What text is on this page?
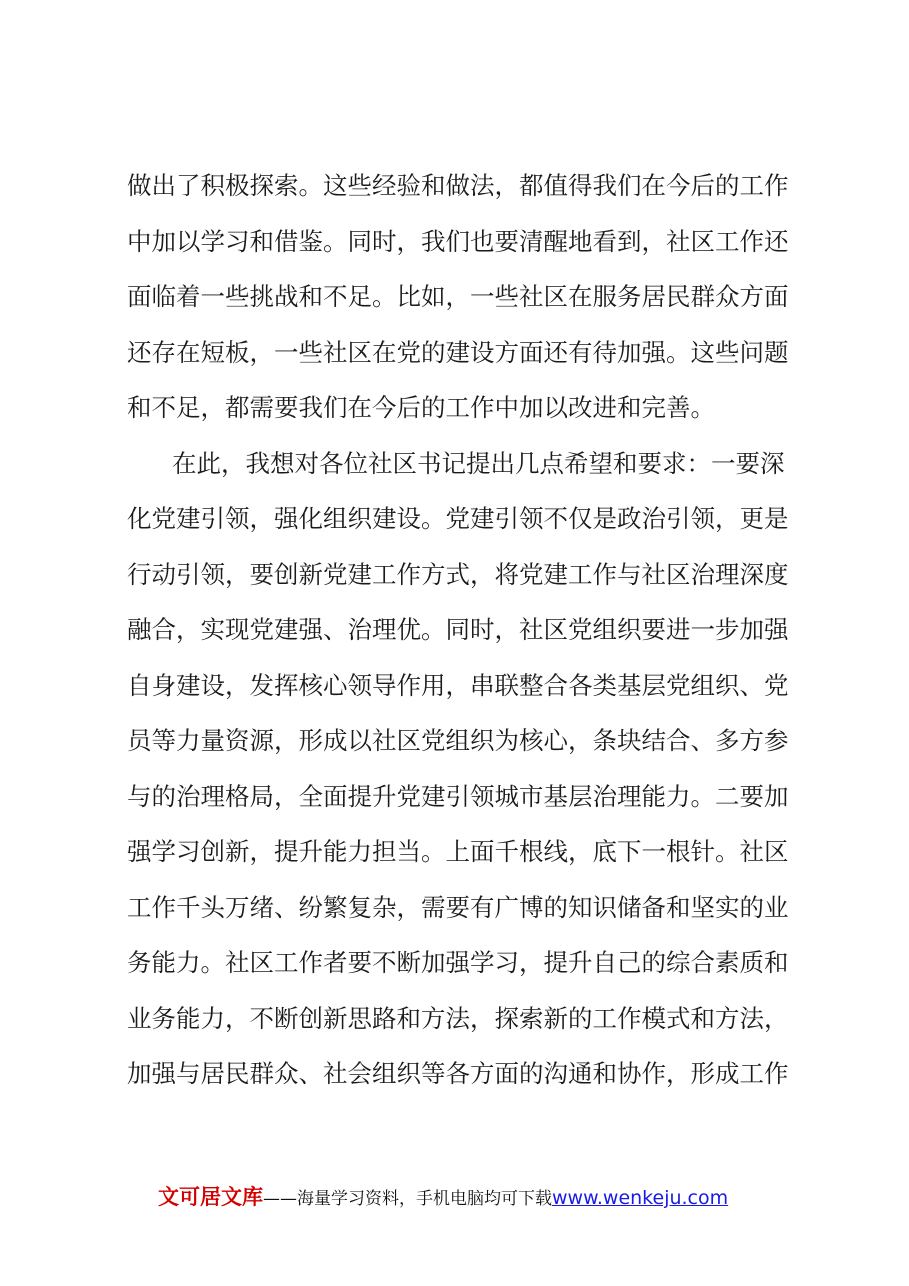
做出了积极探索。这些经验和做法，都值得我们在今后的工作
中加以学习和借鉴。同时，我们也要清醒地看到，社区工作还
面临着一些挑战和不足。比如，一些社区在服务居民群众方面
还存在短板，一些社区在党的建设方面还有待加强。这些问题
和不足，都需要我们在今后的工作中加以改进和完善。
在此，我想对各位社区书记提出几点希望和要求：一要深
化党建引领，强化组织建设。党建引领不仅是政治引领，更是
行动引领，要创新党建工作方式，将党建工作与社区治理深度
融合，实现党建强、治理优。同时，社区党组织要进一步加强
自身建设，发挥核心领导作用，串联整合各类基层党组织、党
员等力量资源，形成以社区党组织为核心，条块结合、多方参
与的治理格局，全面提升党建引领城市基层治理能力。二要加
强学习创新，提升能力担当。上面千根线，底下一根针。社区
工作千头万绪、纷繁复杂，需要有广博的知识储备和坚实的业
务能力。社区工作者要不断加强学习，提升自己的综合素质和
业务能力，不断创新思路和方法，探索新的工作模式和方法，
加强与居民群众、社会组织等各方面的沟通和协作，形成工作
文可居文库——海量学习资料，手机电脑均可下载www.wenkeju.com
